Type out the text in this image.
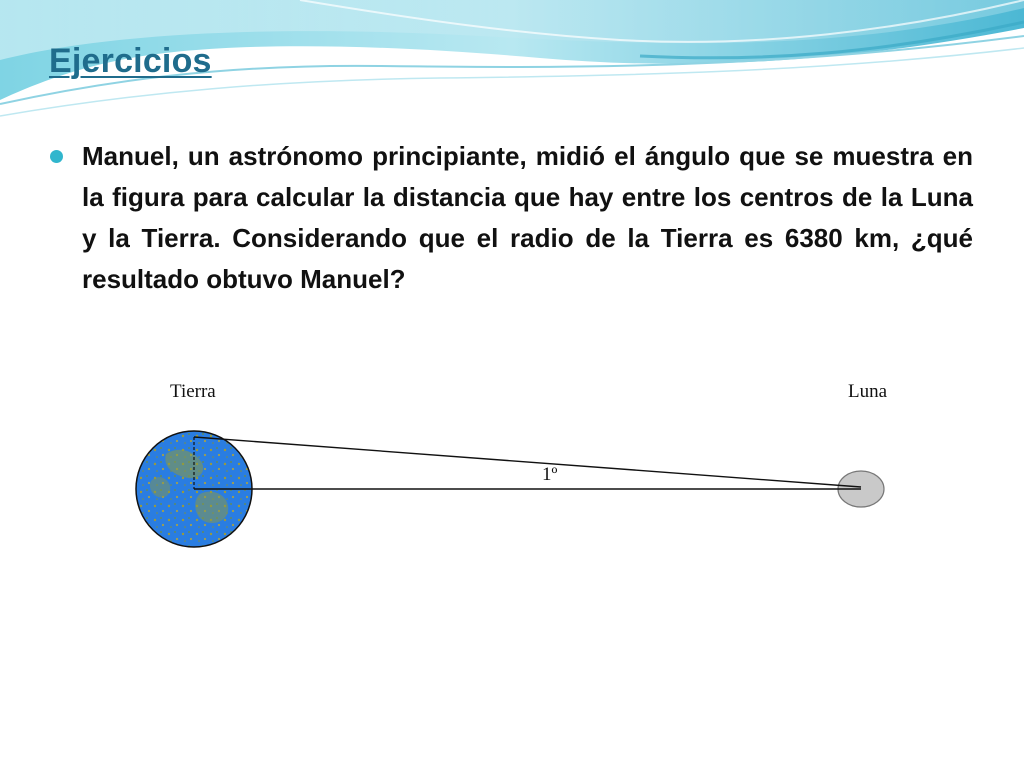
Ejercicios

Manuel, un astrónomo principiante, midió el ángulo que se muestra en la figura para calcular la distancia que hay entre los centros de la Luna y la Tierra. Considerando que el radio de la Tierra es 6380 km, ¿qué resultado obtuvo Manuel?

Tierra	Luna
1º
